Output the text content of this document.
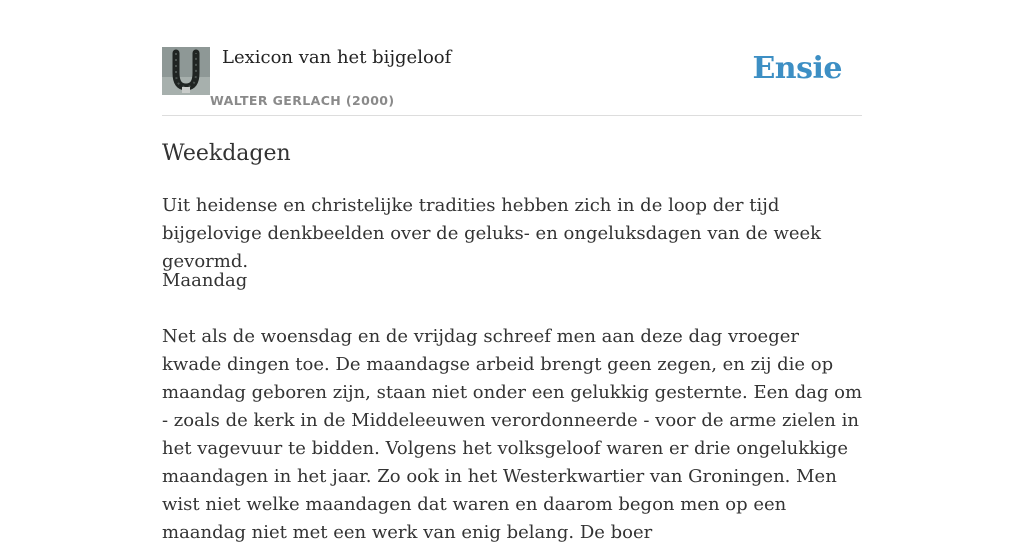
Lexicon van het bijgeloof
WALTER GERLACH (2000)
Ensie
Weekdagen

Uit heidense en christelijke tradities hebben zich in de loop der tijd bijgelovige denkbeelden over de geluks- en ongeluksdagen van de week gevormd.

Maandag

Net als de woensdag en de vrijdag schreef men aan deze dag vroeger kwade dingen toe. De maandagse arbeid brengt geen zegen, en zij die op maandag geboren zijn, staan niet onder een gelukkig gesternte. Een dag om - zoals de kerk in de Middeleeuwen verordonneerde - voor de arme zielen in het vagevuur te bidden. Volgens het volksgeloof waren er drie ongelukkige maandagen in het jaar. Zo ook in het Westerkwartier van Groningen. Men wist niet welke maandagen dat waren en daarom begon men op een maandag niet met een werk van enig belang. De boer
